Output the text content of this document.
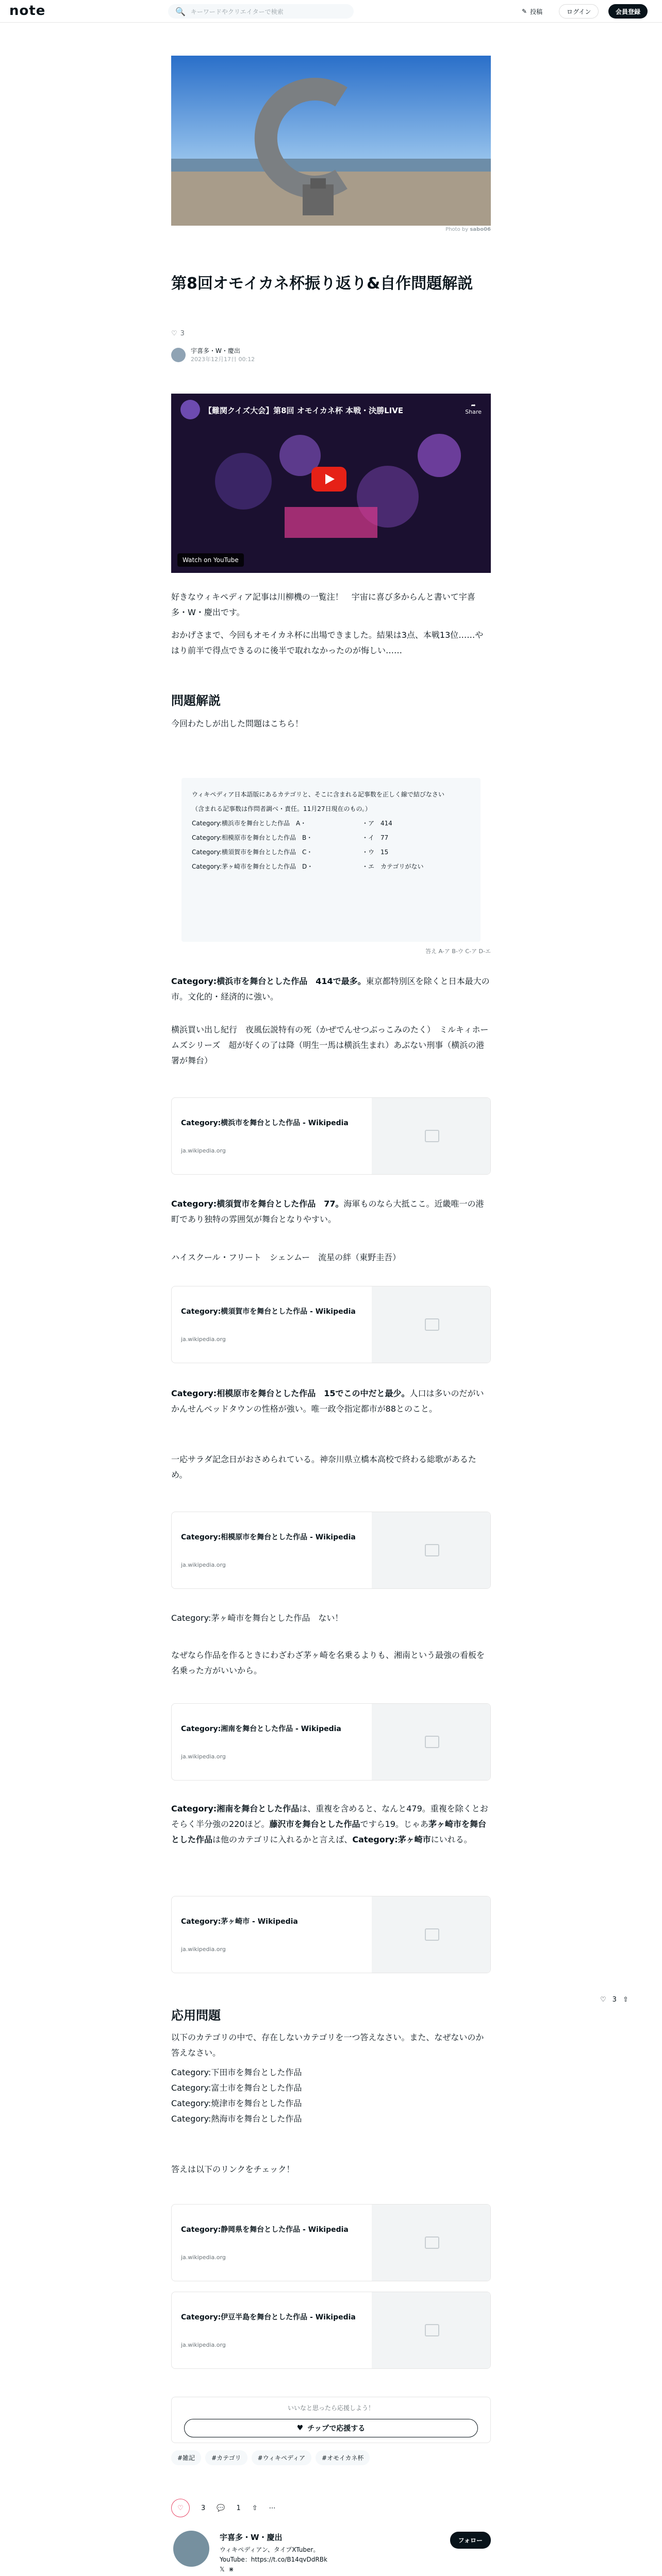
note	🔍 キーワードやクリエイターで検索	✎ 投稿	ログイン	会員登録
Photo by sabo06
第8回オモイカネ杯振り返り&自作問題解説
♡ 3
宇喜多・W・慶出
2023年12月17日 00:12
【難関クイズ大会】第8回 オモイカネ杯 本戦・決勝LIVE
➦
Share
Watch on YouTube
好きなウィキペディア記事は川柳機の一覧注！　宇宙に喜び多からんと書いて宇喜多・W・慶出です。
おかげさまで、今回もオモイカネ杯に出場できました。結果は3点、本戦13位……やはり前半で得点できるのに後半で取れなかったのが悔しい……
問題解説
今回わたしが出した問題はこちら！
ウィキペディア日本語版にあるカテゴリと、そこに含まれる記事数を正しく線で結びなさい
（含まれる記事数は作問者調べ・責任。11月27日現在のもの。）
Category:横浜市を舞台とした作品　A・	・ア　414
Category:相模原市を舞台とした作品　B・	・イ　77
Category:横須賀市を舞台とした作品　C・	・ウ　15
Category:茅ヶ崎市を舞台とした作品　D・	・エ　カテゴリがない
答え A-ア B-ウ C-ア D-エ
Category:横浜市を舞台とした作品　414で最多。東京都特別区を除くと日本最大の市。文化的・経済的に強い。
横浜買い出し紀行　夜風伝説特有の死（かぜでんせつぶっこみのたく）　ミルキィホームズシリーズ　超が好くの了は降（明生一馬は横浜生まれ）あぶない刑事（横浜の港署が舞台）
Category:横浜市を舞台とした作品 - Wikipedia
ja.wikipedia.org
Category:横須賀市を舞台とした作品　77。海軍ものなら大抵ここ。近畿唯一の港町であり独特の雰囲気が舞台となりやすい。
ハイスクール・フリート　シェンムー　流星の絆（東野圭吾）
Category:横須賀市を舞台とした作品 - Wikipedia
ja.wikipedia.org
Category:相模原市を舞台とした作品　15でこの中だと最少。人口は多いのだがいかんせんベッドタウンの性格が強い。唯一政令指定都市が88とのこと。
一応サラダ記念日がおさめられている。神奈川県立橋本高校で終わる総歌があるため。
Category:相模原市を舞台とした作品 - Wikipedia
ja.wikipedia.org
Category:茅ヶ崎市を舞台とした作品　ない！
なぜなら作品を作るときにわざわざ茅ヶ崎を名乗るよりも、湘南という最強の看板を名乗った方がいいから。
Category:湘南を舞台とした作品 - Wikipedia
ja.wikipedia.org
Category:湘南を舞台とした作品は、重複を含めると、なんと479。重複を除くとおそらく半分強の220ほど。藤沢市を舞台とした作品ですら19。じゃあ茅ヶ崎市を舞台とした作品は他のカテゴリに入れるかと言えば、Category:茅ヶ崎市にいれる。
Category:茅ヶ崎市 - Wikipedia
ja.wikipedia.org
応用問題
以下のカテゴリの中で、存在しないカテゴリを一つ答えなさい。また、なぜないのか答えなさい。
Category:下田市を舞台とした作品
Category:富士市を舞台とした作品
Category:焼津市を舞台とした作品
Category:熱海市を舞台とした作品
答えは以下のリンクをチェック！
Category:静岡県を舞台とした作品 - Wikipedia
ja.wikipedia.org
Category:伊豆半島を舞台とした作品 - Wikipedia
ja.wikipedia.org
いいなと思ったら応援しよう！
♥ チップで応援する
#雑記	#カテゴリ	#ウィキペディア	#オモイカネ杯
♡	3 💬 1 ⇧ ⋯
宇喜多・W・慶出
ウィキペディアン、タイプXTuber。
YouTube：https://t.co/B14qvDdRBk
𝕏 ⋇
フォロー
♡ 3 ⇧
